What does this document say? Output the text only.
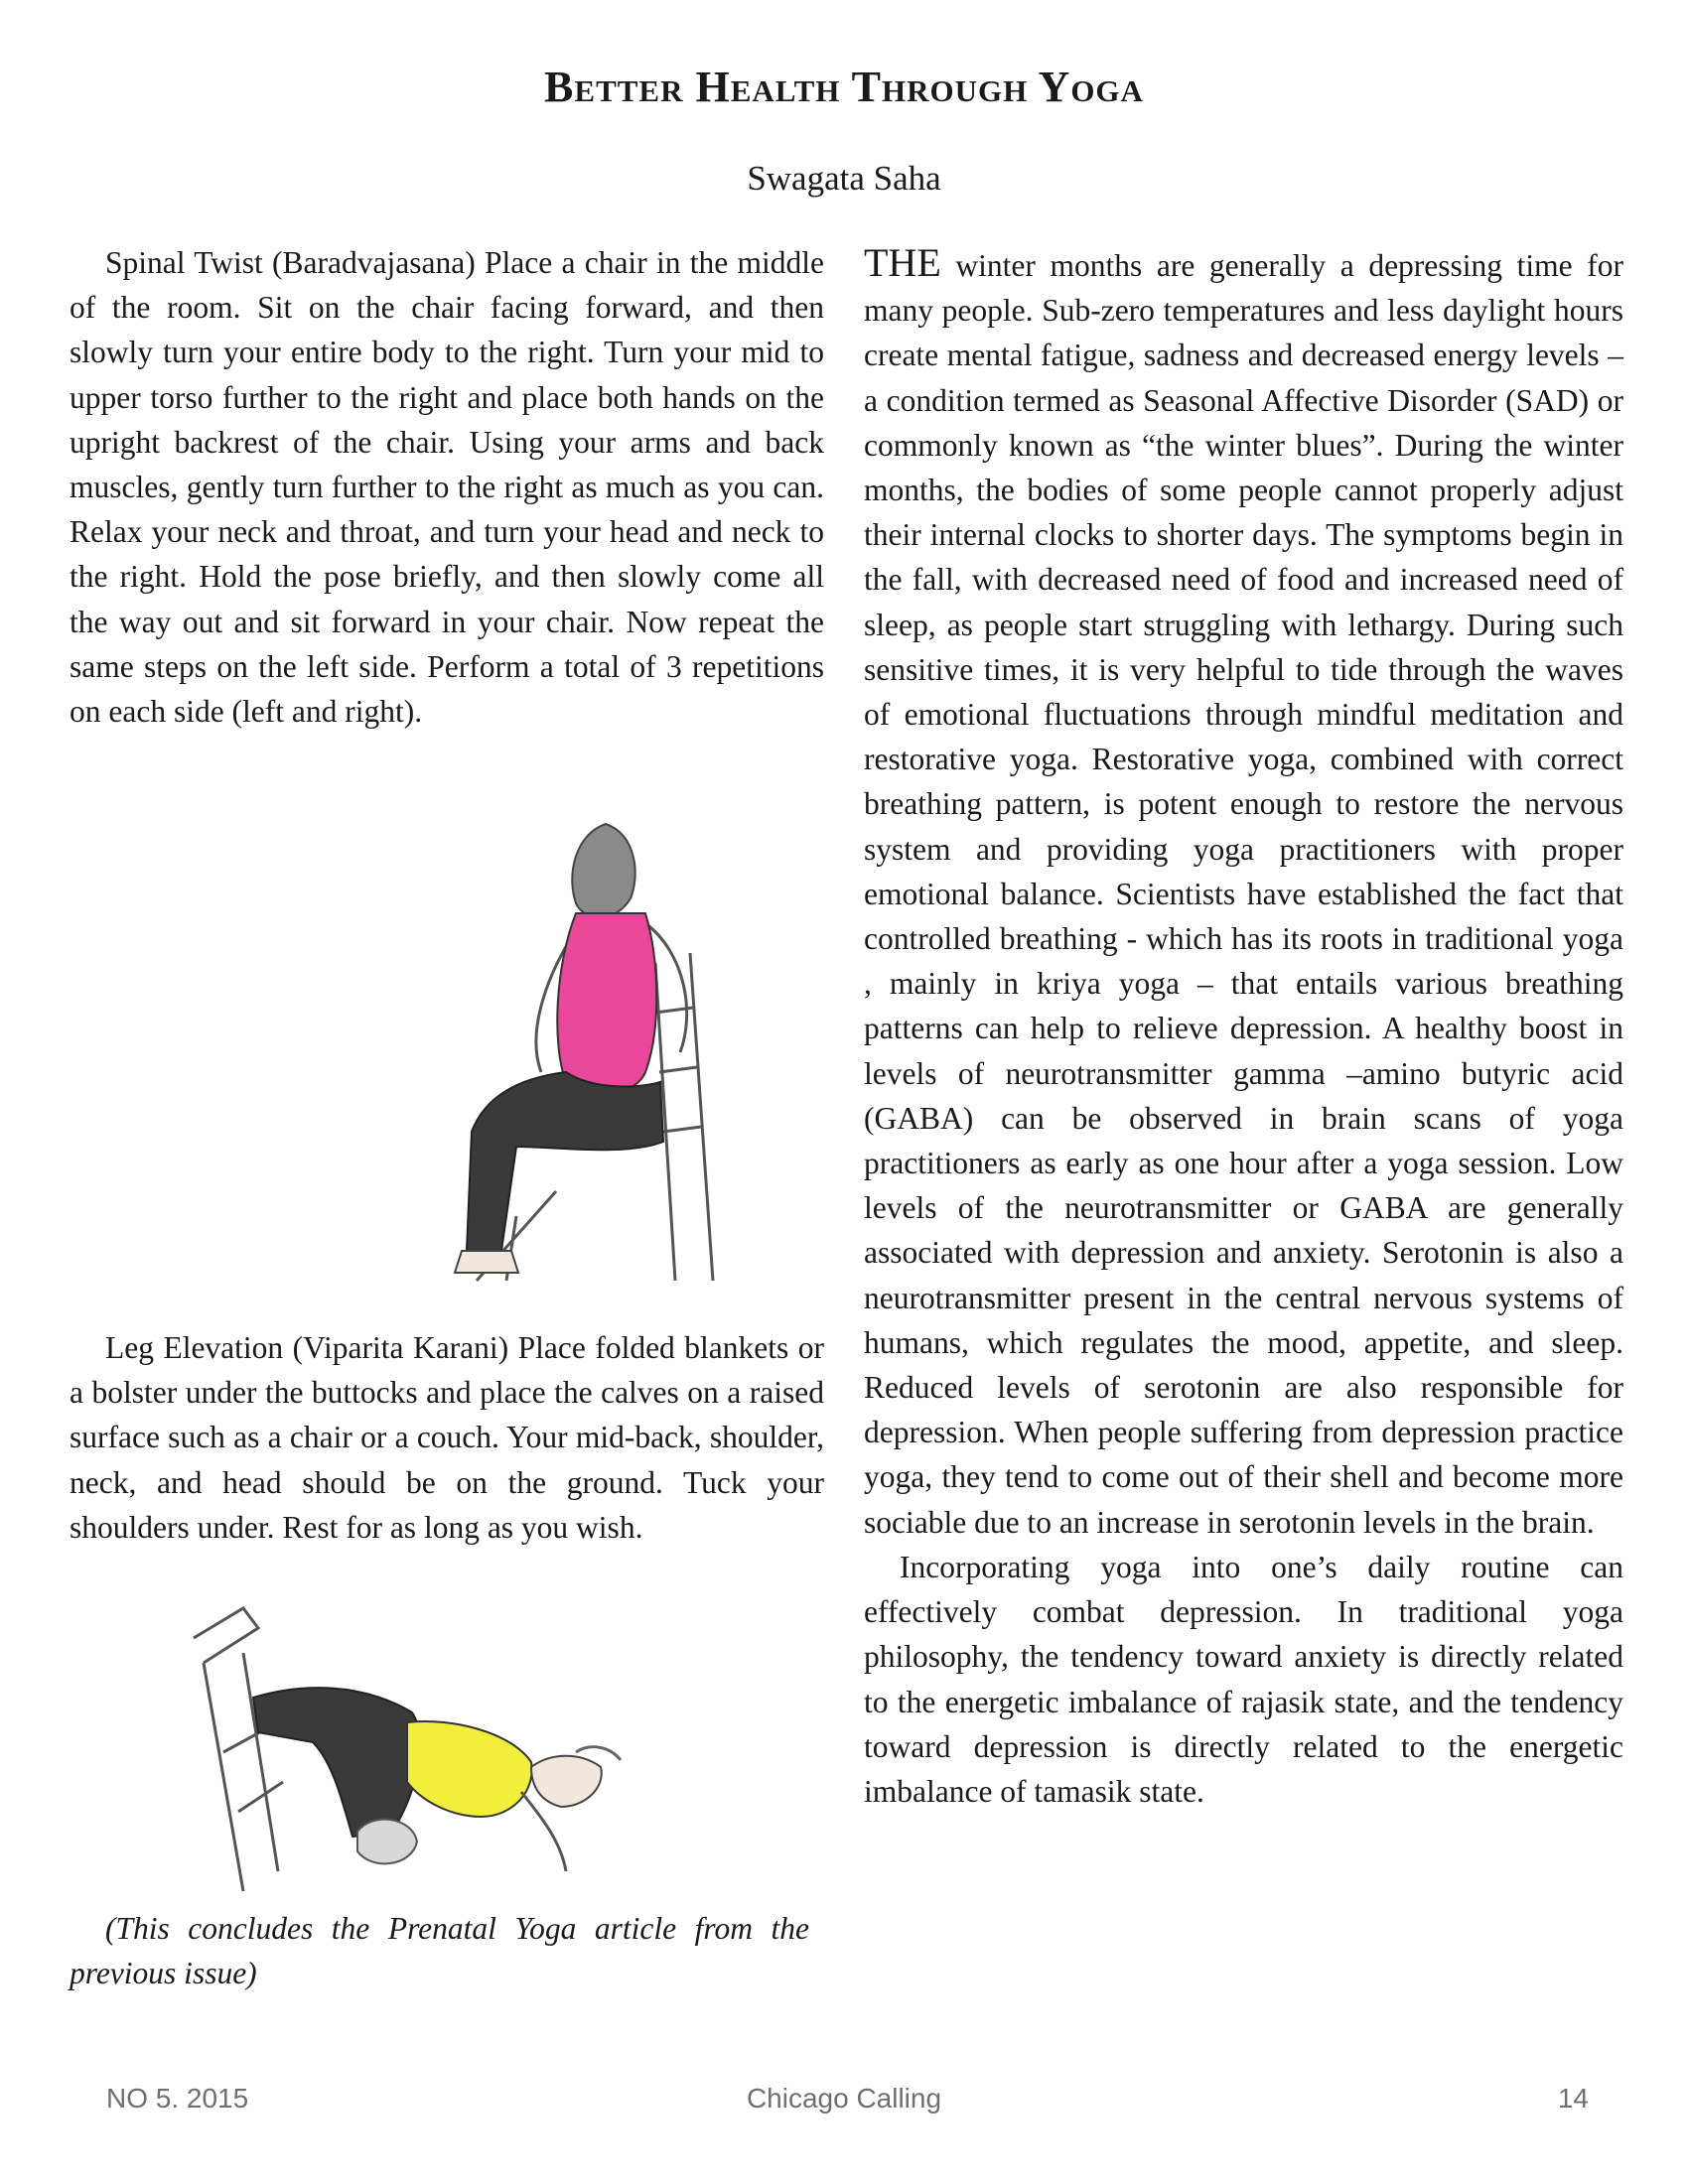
Better Health Through Yoga
Swagata Saha

Spinal Twist (Baradvajasana) Place a chair in the middle of the room. Sit on the chair facing forward, and then slowly turn your entire body to the right. Turn your mid to upper torso further to the right and place both hands on the upright backrest of the chair. Using your arms and back muscles, gently turn further to the right as much as you can. Relax your neck and throat, and turn your head and neck to the right. Hold the pose briefly, and then slowly come all the way out and sit forward in your chair. Now repeat the same steps on the left side. Perform a total of 3 repetitions on each side (left and right).

Leg Elevation (Viparita Karani) Place folded blankets or a bolster under the buttocks and place the calves on a raised surface such as a chair or a couch. Your mid-back, shoulder, neck, and head should be on the ground. Tuck your shoulders under. Rest for as long as you wish.

(This concludes the Prenatal Yoga article from the previous issue)

THE winter months are generally a depressing time for many people. Sub-zero temperatures and less daylight hours create mental fatigue, sadness and decreased energy levels – a condition termed as Seasonal Affective Disorder (SAD) or commonly known as “the winter blues”. During the winter months, the bodies of some people cannot properly adjust their internal clocks to shorter days. The symptoms begin in the fall, with decreased need of food and increased need of sleep, as people start struggling with lethargy. During such sensitive times, it is very helpful to tide through the waves of emotional fluctuations through mindful meditation and restorative yoga. Restorative yoga, combined with correct breathing pattern, is potent enough to restore the nervous system and providing yoga practitioners with proper emotional balance. Scientists have established the fact that controlled breathing - which has its roots in traditional yoga , mainly in kriya yoga – that entails various breathing patterns can help to relieve depression. A healthy boost in levels of neurotransmitter gamma –amino butyric acid (GABA) can be observed in brain scans of yoga practitioners as early as one hour after a yoga session. Low levels of the neurotransmitter or GABA are generally associated with depression and anxiety. Serotonin is also a neurotransmitter present in the central nervous systems of humans, which regulates the mood, appetite, and sleep. Reduced levels of serotonin are also responsible for depression. When people suffering from depression practice yoga, they tend to come out of their shell and become more sociable due to an increase in serotonin levels in the brain.

Incorporating yoga into one’s daily routine can effectively combat depression. In traditional yoga philosophy, the tendency toward anxiety is directly related to the energetic imbalance of rajasik state, and the tendency toward depression is directly related to the energetic imbalance of tamasik state.

NO 5. 2015	Chicago Calling	14
